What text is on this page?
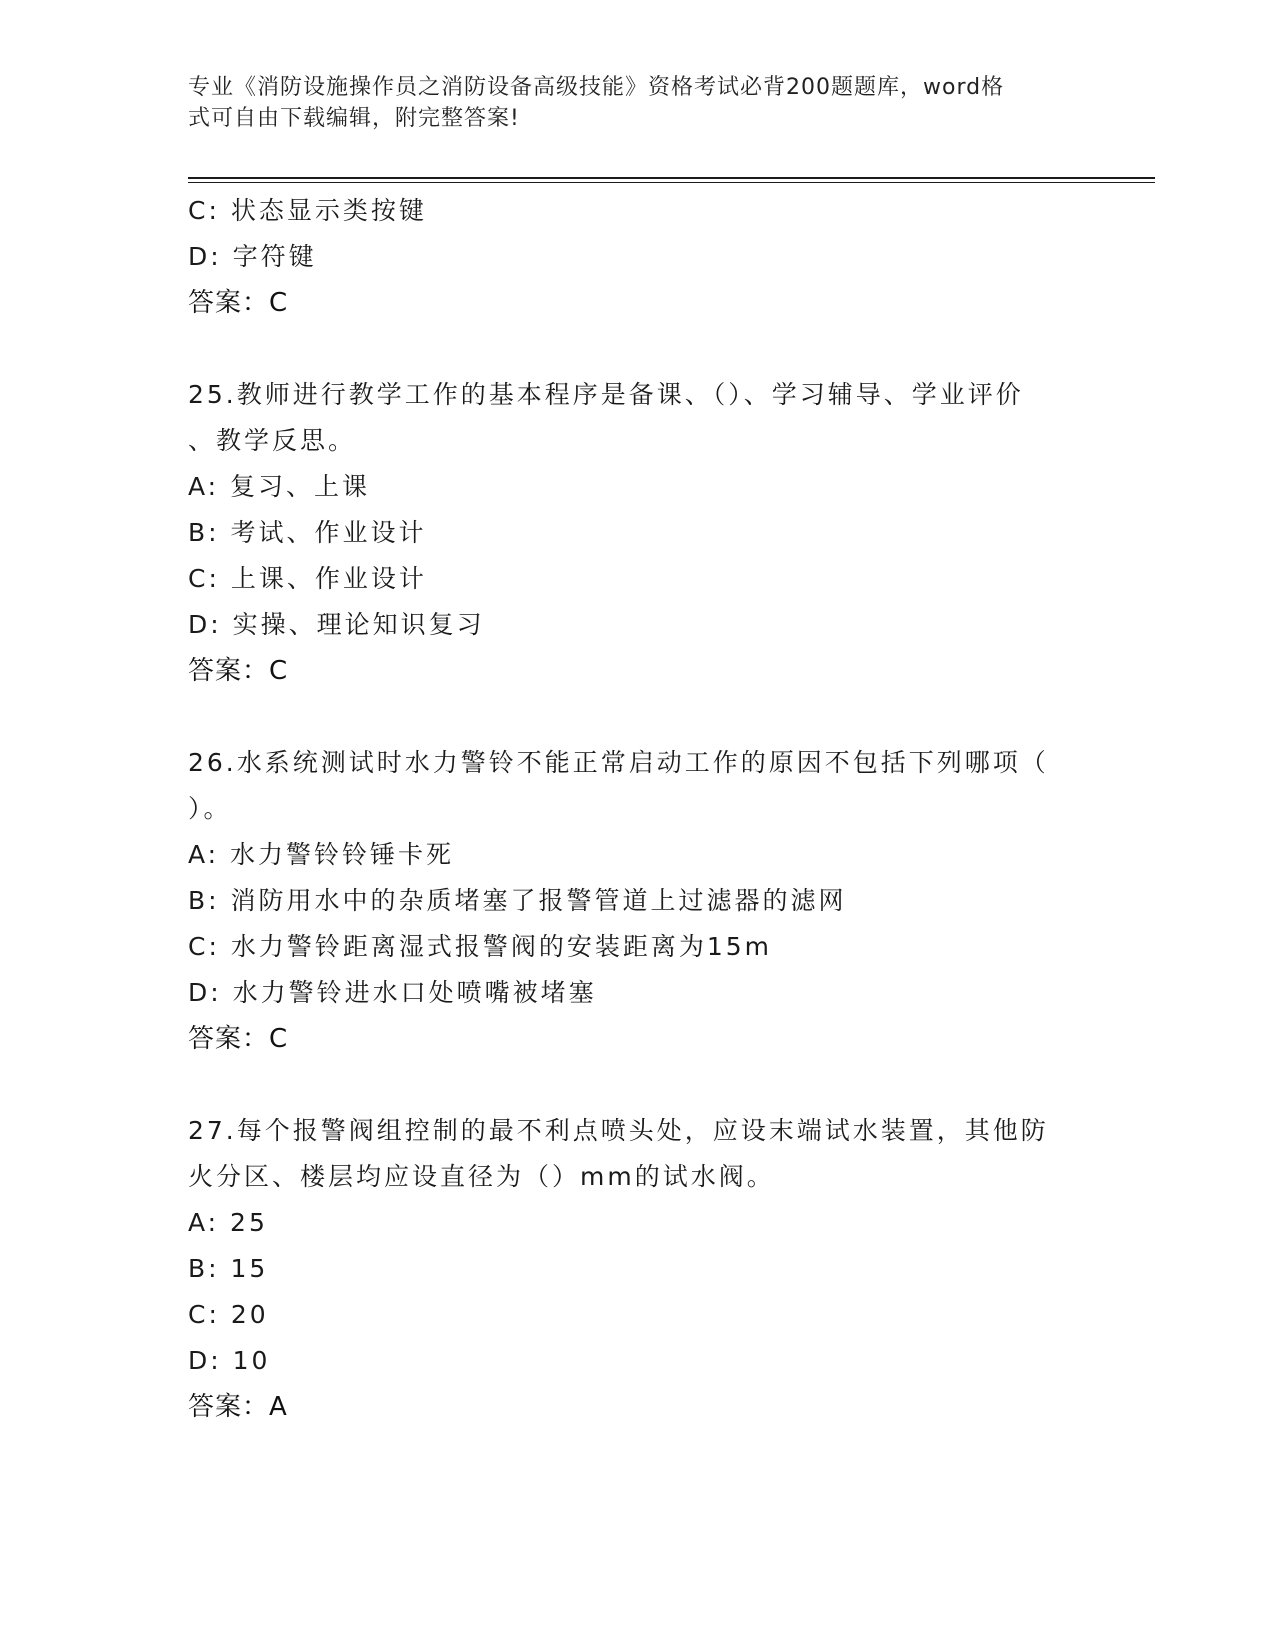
专业《消防设施操作员之消防设备高级技能》资格考试必背200题题库，word格
式可自由下载编辑，附完整答案!
C: 状态显示类按键
D: 字符键
答案：C
25.教师进行教学工作的基本程序是备课、（）、学习辅导、学业评价
、教学反思。
A: 复习、上课
B: 考试、作业设计
C: 上课、作业设计
D: 实操、理论知识复习
答案：C
26.水系统测试时水力警铃不能正常启动工作的原因不包括下列哪项（
）。
A: 水力警铃铃锤卡死
B: 消防用水中的杂质堵塞了报警管道上过滤器的滤网
C: 水力警铃距离湿式报警阀的安装距离为15m
D: 水力警铃进水口处喷嘴被堵塞
答案：C
27.每个报警阀组控制的最不利点喷头处，应设末端试水装置，其他防
火分区、楼层均应设直径为（）mm的试水阀。
A: 25
B: 15
C: 20
D: 10
答案：A
